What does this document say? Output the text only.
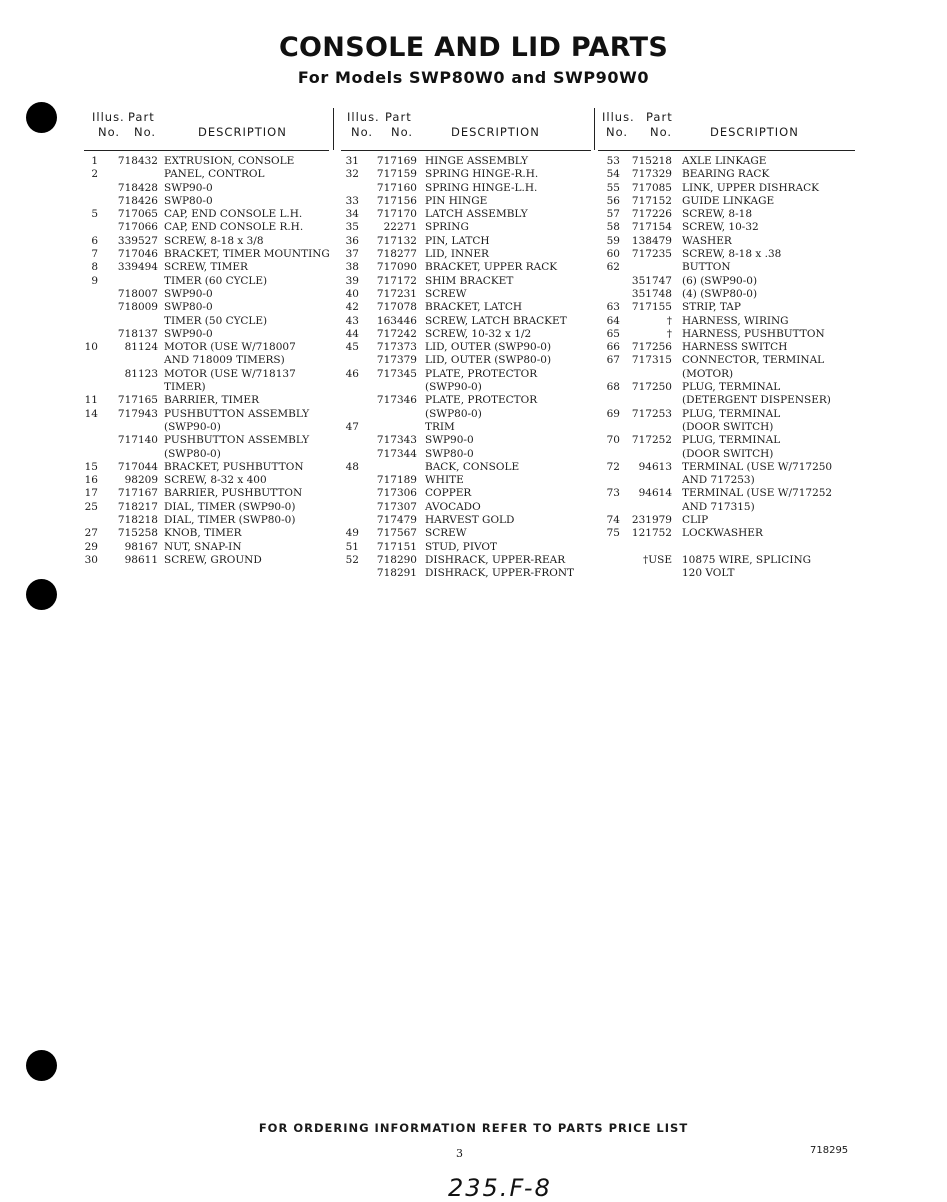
CONSOLE AND LID PARTS
For Models SWP80W0 and SWP90W0
Illus. Part
No. No.	DESCRIPTION
1	718432 EXTRUSION, CONSOLE
2	PANEL, CONTROL
718428 SWP90-0
718426 SWP80-0
5	717065 CAP, END CONSOLE L.H.
717066 CAP, END CONSOLE R.H.
6	339527 SCREW, 8-18 x 3/8
7	717046 BRACKET, TIMER MOUNTING
8	339494 SCREW, TIMER
9	TIMER (60 CYCLE)
718007 SWP90-0
718009 SWP80-0
TIMER (50 CYCLE)
718137 SWP90-0
10	81124 MOTOR (USE W/718007
AND 718009 TIMERS)
81123 MOTOR (USE W/718137
TIMER)
11	717165 BARRIER, TIMER
14	717943 PUSHBUTTON ASSEMBLY
(SWP90-0)
717140 PUSHBUTTON ASSEMBLY
(SWP80-0)
15	717044 BRACKET, PUSHBUTTON
16	98209 SCREW, 8-32 x 400
17	717167 BARRIER, PUSHBUTTON
25	718217 DIAL, TIMER (SWP90-0)
718218 DIAL, TIMER (SWP80-0)
27	715258 KNOB, TIMER
29	98167 NUT, SNAP-IN
30	98611 SCREW, GROUND
Illus. Part
No. No.	DESCRIPTION
31	717169 HINGE ASSEMBLY
32	717159 SPRING HINGE-R.H.
717160 SPRING HINGE-L.H.
33	717156 PIN HINGE
34	717170 LATCH ASSEMBLY
35	22271 SPRING
36	717132 PIN, LATCH
37	718277 LID, INNER
38	717090 BRACKET, UPPER RACK
39	717172 SHIM BRACKET
40	717231 SCREW
42	717078 BRACKET, LATCH
43	163446 SCREW, LATCH BRACKET
44	717242 SCREW, 10-32 x 1/2
45	717373 LID, OUTER (SWP90-0)
717379 LID, OUTER (SWP80-0)
46	717345 PLATE, PROTECTOR
(SWP90-0)
717346 PLATE, PROTECTOR
(SWP80-0)
47	TRIM
717343 SWP90-0
717344 SWP80-0
48	BACK, CONSOLE
717189 WHITE
717306 COPPER
717307 AVOCADO
717479 HARVEST GOLD
49	717567 SCREW
51	717151 STUD, PIVOT
52	718290 DISHRACK, UPPER-REAR
718291 DISHRACK, UPPER-FRONT
Illus. Part
No. No.	DESCRIPTION
53	715218 AXLE LINKAGE
54	717329 BEARING RACK
55	717085 LINK, UPPER DISHRACK
56	717152 GUIDE LINKAGE
57	717226 SCREW, 8-18
58	717154 SCREW, 10-32
59	138479 WASHER
60	717235 SCREW, 8-18 x .38
62	BUTTON
351747 (6) (SWP90-0)
351748 (4) (SWP80-0)
63	717155 STRIP, TAP
64	† HARNESS, WIRING
65	† HARNESS, PUSHBUTTON
66	717256 HARNESS SWITCH
67	717315 CONNECTOR, TERMINAL
(MOTOR)
68	717250 PLUG, TERMINAL
(DETERGENT DISPENSER)
69	717253 PLUG, TERMINAL
(DOOR SWITCH)
70	717252 PLUG, TERMINAL
(DOOR SWITCH)
72	94613 TERMINAL (USE W/717250
AND 717253)
73	94614 TERMINAL (USE W/717252
AND 717315)
74	231979 CLIP
75	121752 LOCKWASHER
†USE 10875 WIRE, SPLICING
120 VOLT
FOR ORDERING INFORMATION REFER TO PARTS PRICE LIST
3	718295
235.F-8
